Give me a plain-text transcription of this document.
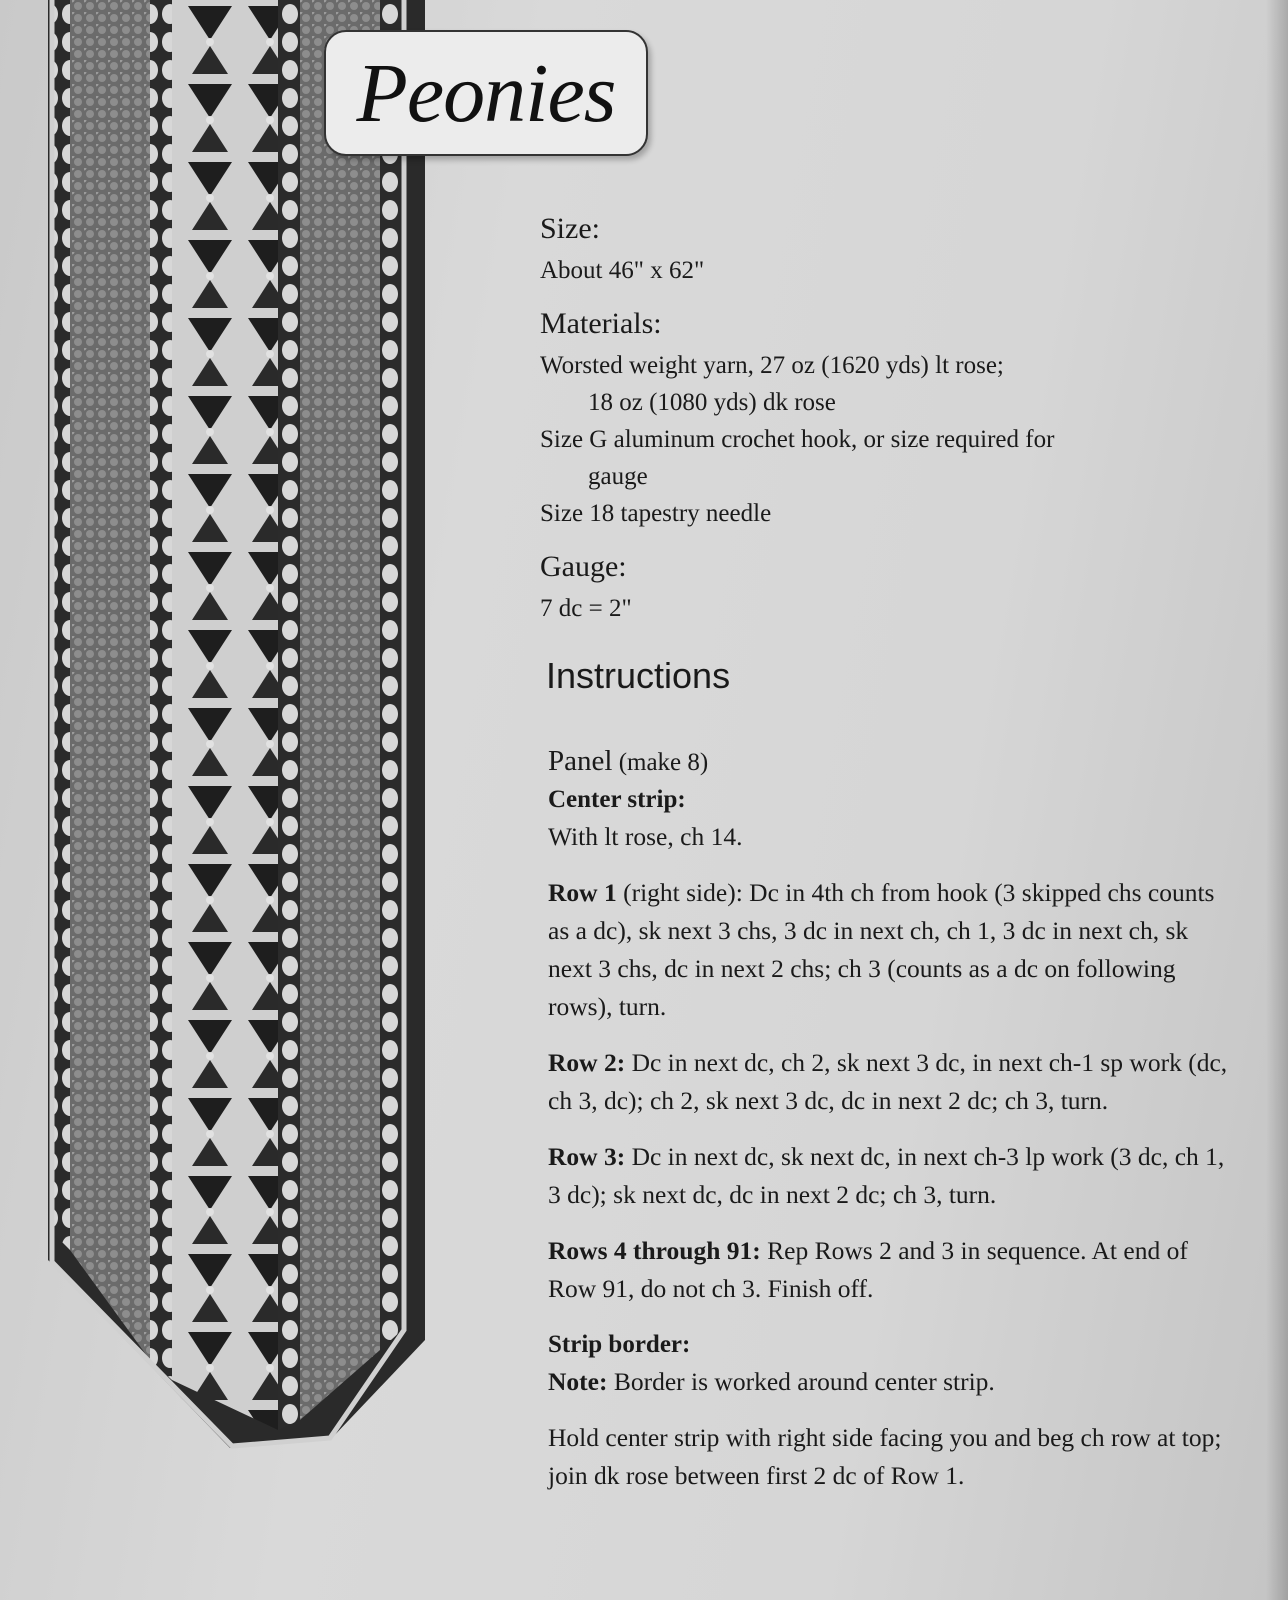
Peonies
Size:
About 46" x 62"
Materials:
Worsted weight yarn, 27 oz (1620 yds) lt rose;
18 oz (1080 yds) dk rose
Size G aluminum crochet hook, or size required for
gauge
Size 18 tapestry needle
Gauge:
7 dc = 2"
Instructions
Panel (make 8)
Center strip:
With lt rose, ch 14.
Row 1 (right side): Dc in 4th ch from hook (3 skipped chs counts as a dc), sk next 3 chs, 3 dc in next ch, ch 1, 3 dc in next ch, sk next 3 chs, dc in next 2 chs; ch 3 (counts as a dc on following rows), turn.
Row 2: Dc in next dc, ch 2, sk next 3 dc, in next ch-1 sp work (dc, ch 3, dc); ch 2, sk next 3 dc, dc in next 2 dc; ch 3, turn.
Row 3: Dc in next dc, sk next dc, in next ch-3 lp work (3 dc, ch 1, 3 dc); sk next dc, dc in next 2 dc; ch 3, turn.
Rows 4 through 91: Rep Rows 2 and 3 in sequence. At end of Row 91, do not ch 3. Finish off.
Strip border:
Note: Border is worked around center strip.
Hold center strip with right side facing you and beg ch row at top; join dk rose between first 2 dc of Row 1.
